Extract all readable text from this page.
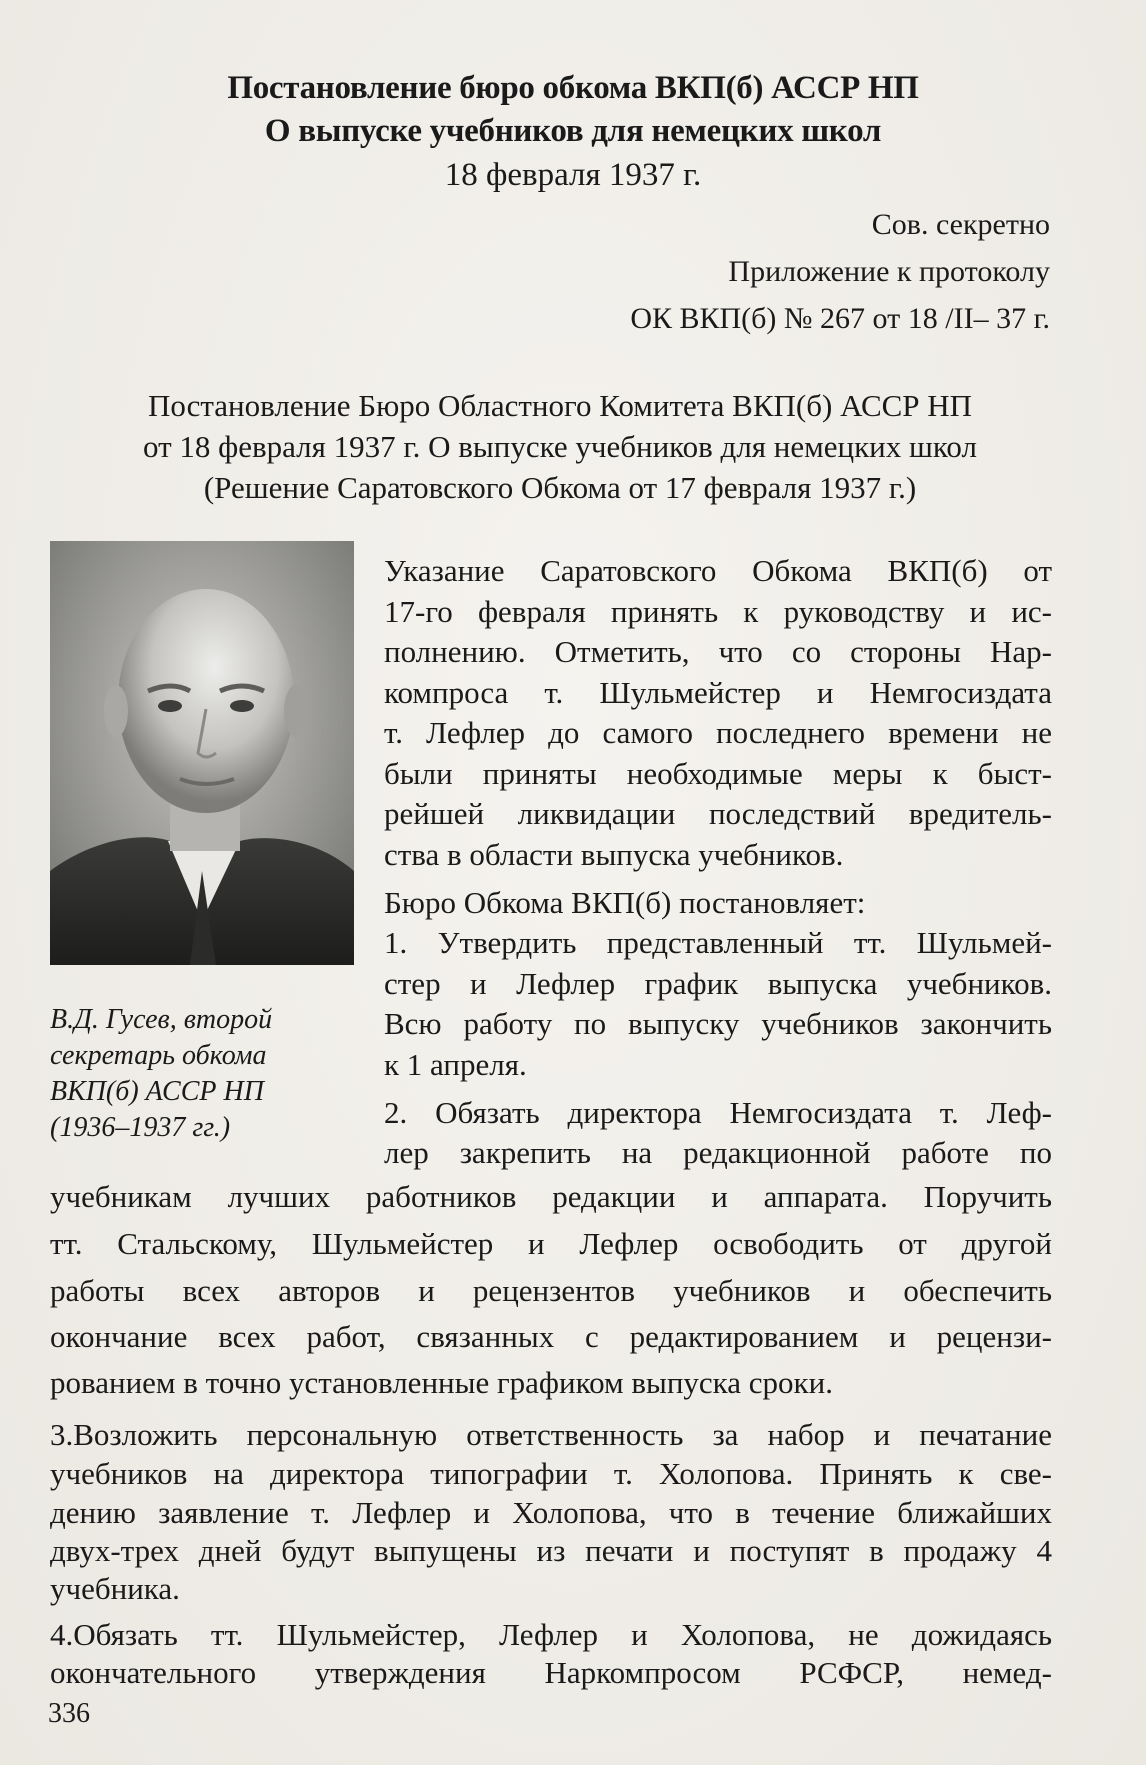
Постановление бюро обкома ВКП(б) АССР НП
О выпуске учебников для немецких школ
18 февраля 1937 г.
Сов. секретно
Приложение к протоколу
ОК ВКП(б) № 267 от 18 /II– 37 г.
Постановление Бюро Областного Комитета ВКП(б) АССР НП
от 18 февраля 1937 г. О выпуске учебников для немецких школ
(Решение Саратовского Обкома от 17 февраля 1937 г.)
В.Д. Гусев, второй
секретарь обкома
ВКП(б) АССР НП
(1936–1937 гг.)
Указание Саратовского Обкома ВКП(б) от
17-го февраля принять к руководству и ис-
полнению. Отметить, что со стороны Нар-
компроса т. Шульмейстер и Немгосиздата
т. Лефлер до самого последнего времени не
были приняты необходимые меры к быст-
рейшей ликвидации последствий вредитель-
ства в области выпуска учебников.
Бюро Обкома ВКП(б) постановляет:
1. Утвердить представленный тт. Шульмей-
стер и Лефлер график выпуска учебников.
Всю работу по выпуску учебников закончить
к 1 апреля.
2. Обязать директора Немгосиздата т. Леф-
лер закрепить на редакционной работе по
учебникам лучших работников редакции и аппарата. Поручить
тт. Стальскому, Шульмейстер и Лефлер освободить от другой
работы всех авторов и рецензентов учебников и обеспечить
окончание всех работ, связанных с редактированием и рецензи-
рованием в точно установленные графиком выпуска сроки.
3.Возложить персональную ответственность за набор и печатание
учебников на директора типографии т. Холопова. Принять к све-
дению заявление т. Лефлер и Холопова, что в течение ближайших
двух-трех дней будут выпущены из печати и поступят в продажу 4
учебника.
4.Обязать тт. Шульмейстер, Лефлер и Холопова, не дожидаясь
окончательного утверждения Наркомпросом РСФСР, немед-
336
